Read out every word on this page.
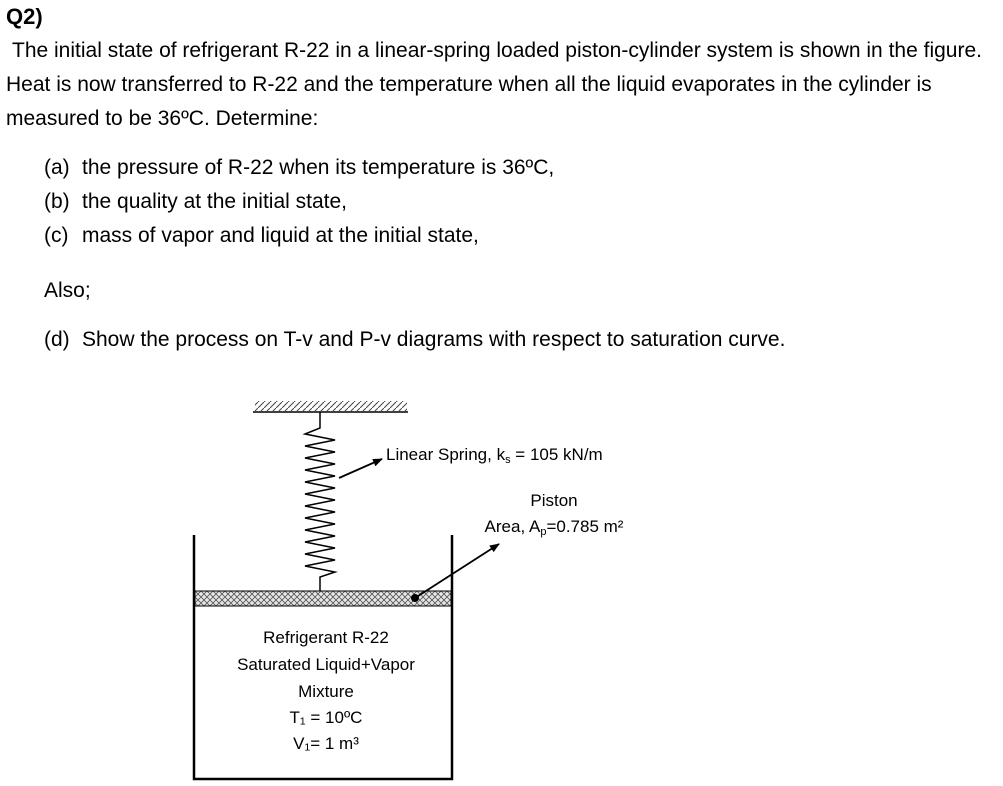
Q2)
The initial state of refrigerant R-22 in a linear-spring loaded piston-cylinder system is shown in the figure. Heat is now transferred to R-22 and the temperature when all the liquid evaporates in the cylinder is measured to be 36ºC. Determine:
(a) the pressure of R-22 when its temperature is 36ºC,
(b) the quality at the initial state,
(c) mass of vapor and liquid at the initial state,
Also;
(d) Show the process on T-v and P-v diagrams with respect to saturation curve.
Linear Spring, ks = 105 kN/m
Piston
Area, Ap=0.785 m²
Refrigerant R-22
Saturated Liquid+Vapor
Mixture
T₁ = 10ºC
V₁= 1 m³
